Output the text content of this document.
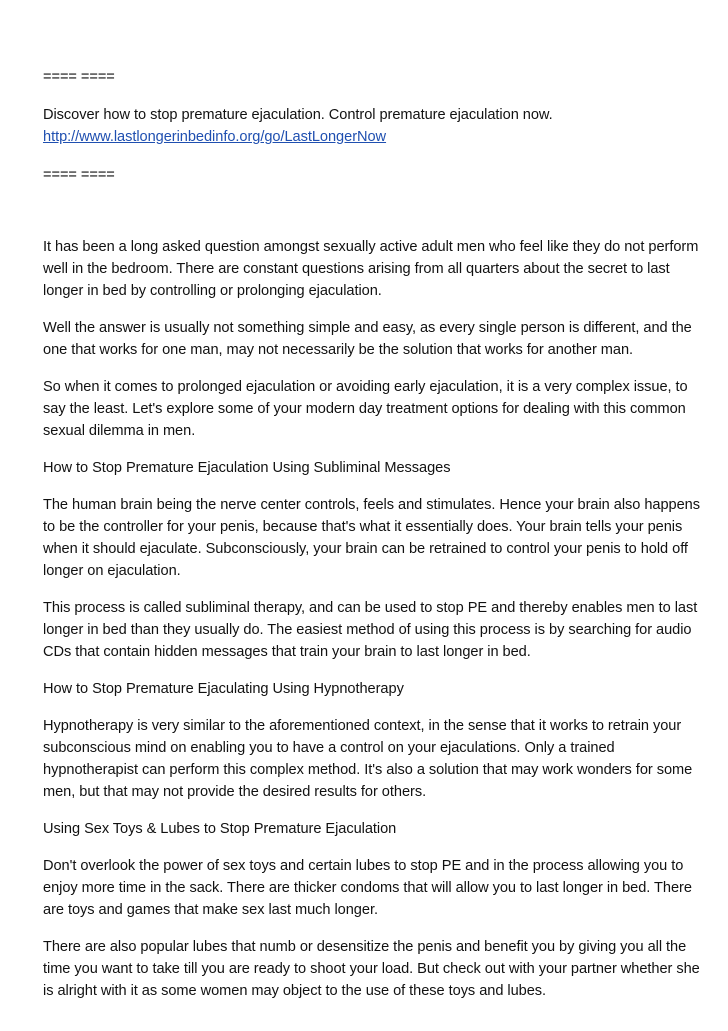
==== ====

Discover how to stop premature ejaculation. Control premature ejaculation now.

http://www.lastlongerinbedinfo.org/go/LastLongerNow

==== ====

It has been a long asked question amongst sexually active adult men who feel like they do not perform well in the bedroom. There are constant questions arising from all quarters about the secret to last longer in bed by controlling or prolonging ejaculation.

Well the answer is usually not something simple and easy, as every single person is different, and the one that works for one man, may not necessarily be the solution that works for another man.

So when it comes to prolonged ejaculation or avoiding early ejaculation, it is a very complex issue, to say the least. Let's explore some of your modern day treatment options for dealing with this common sexual dilemma in men.

How to Stop Premature Ejaculation Using Subliminal Messages

The human brain being the nerve center controls, feels and stimulates. Hence your brain also happens to be the controller for your penis, because that's what it essentially does. Your brain tells your penis when it should ejaculate. Subconsciously, your brain can be retrained to control your penis to hold off longer on ejaculation.

This process is called subliminal therapy, and can be used to stop PE and thereby enables men to last longer in bed than they usually do. The easiest method of using this process is by searching for audio CDs that contain hidden messages that train your brain to last longer in bed.

How to Stop Premature Ejaculating Using Hypnotherapy

Hypnotherapy is very similar to the aforementioned context, in the sense that it works to retrain your subconscious mind on enabling you to have a control on your ejaculations. Only a trained hypnotherapist can perform this complex method. It's also a solution that may work wonders for some men, but that may not provide the desired results for others.

Using Sex Toys & Lubes to Stop Premature Ejaculation

Don't overlook the power of sex toys and certain lubes to stop PE and in the process allowing you to enjoy more time in the sack. There are thicker condoms that will allow you to last longer in bed. There are toys and games that make sex last much longer.

There are also popular lubes that numb or desensitize the penis and benefit you by giving you all the time you want to take till you are ready to shoot your load. But check out with your partner whether she is alright with it as some women may object to the use of these toys and lubes.
